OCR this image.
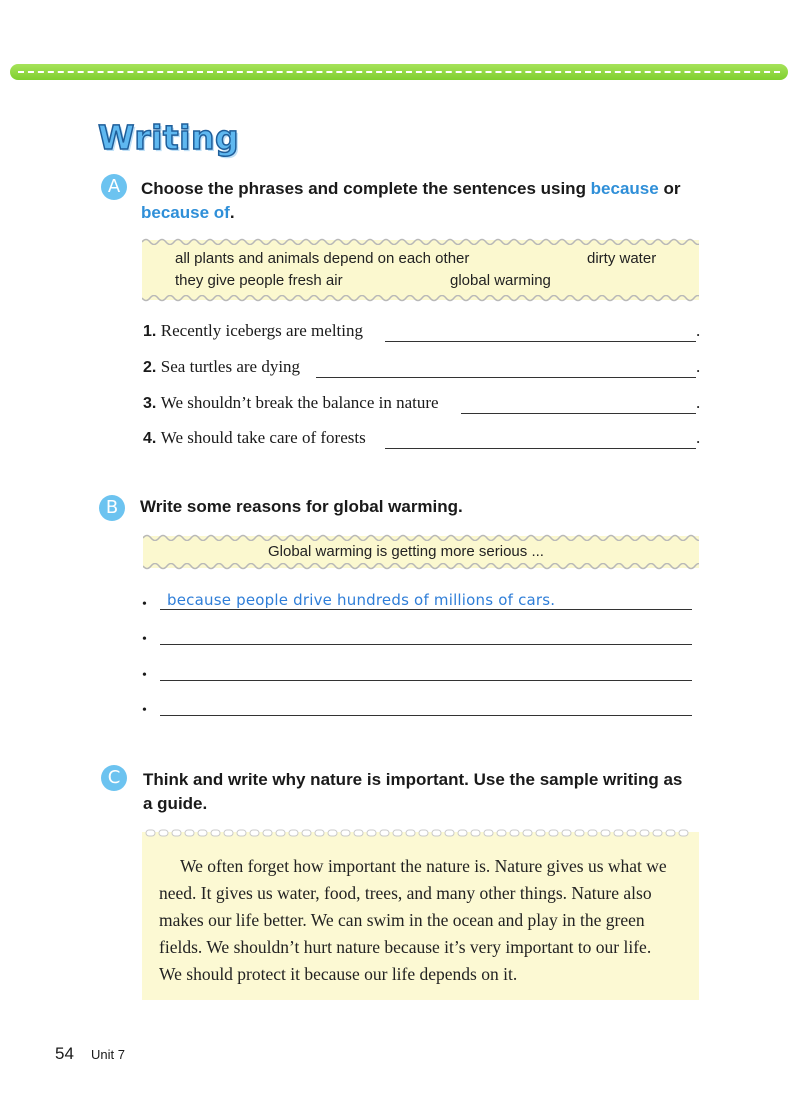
Writing
A	Choose the phrases and complete the sentences using because or
because of.
all plants and animals depend on each other	dirty water
they give people fresh air	global warming
1. Recently icebergs are melting	.
2. Sea turtles are dying	.
3. We shouldn’t break the balance in nature	.
4. We should take care of forests	.
B	Write some reasons for global warming.
Global warming is getting more serious ...
• because people drive hundreds of millions of cars.
•
•
•
C	Think and write why nature is important. Use the sample writing as
a guide.
We often forget how important the nature is. Nature gives us what we
need. It gives us water, food, trees, and many other things. Nature also
makes our life better. We can swim in the ocean and play in the green
fields. We shouldn’t hurt nature because it’s very important to our life.
We should protect it because our life depends on it.
54 Unit 7
